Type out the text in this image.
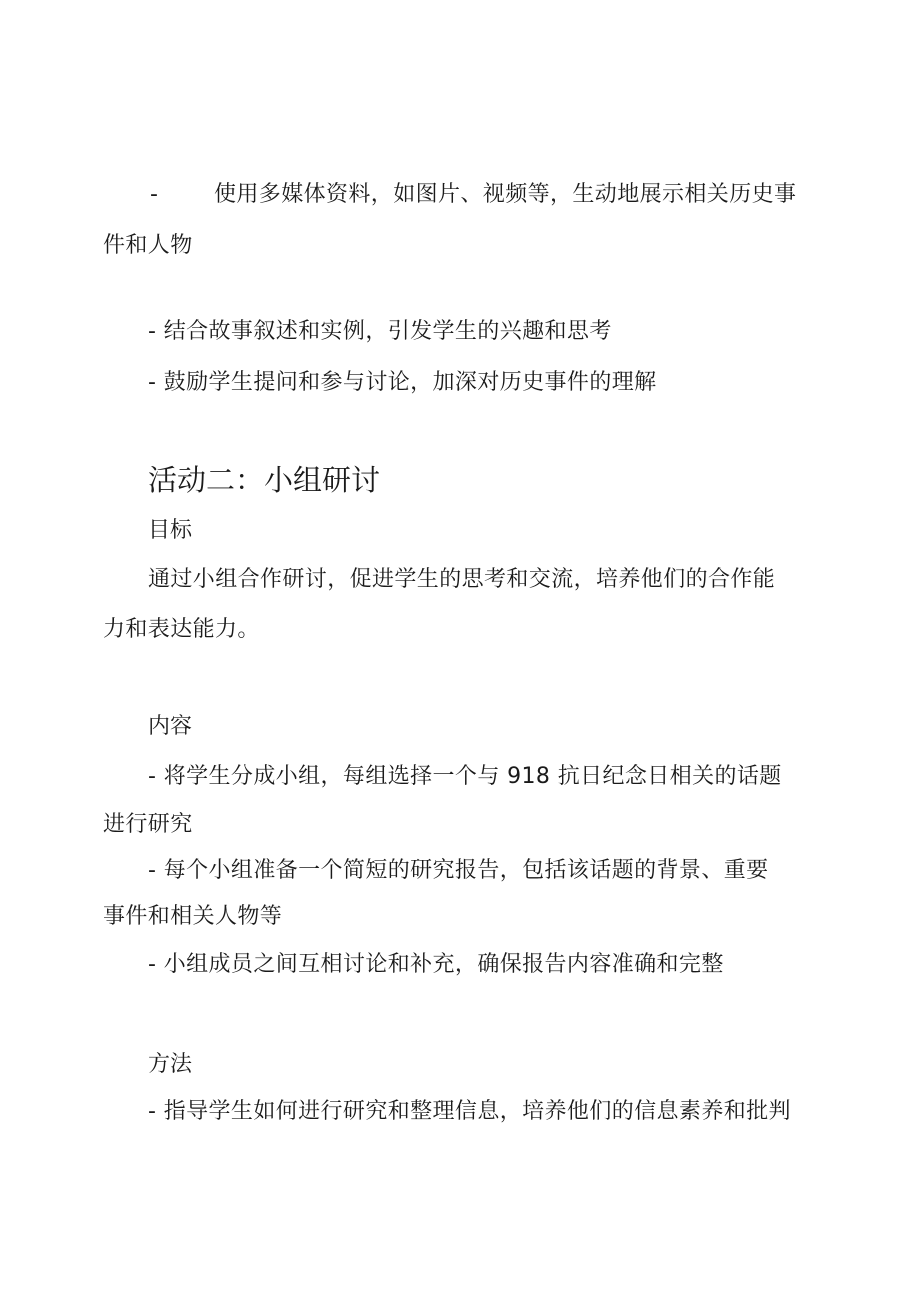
-	使用多媒体资料，如图片、视频等，生动地展示相关历史事
件和人物
- 结合故事叙述和实例，引发学生的兴趣和思考
- 鼓励学生提问和参与讨论，加深对历史事件的理解
活动二：小组研讨
目标
通过小组合作研讨，促进学生的思考和交流，培养他们的合作能
力和表达能力。
内容
- 将学生分成小组，每组选择一个与 918 抗日纪念日相关的话题
进行研究
- 每个小组准备一个简短的研究报告，包括该话题的背景、重要
事件和相关人物等
- 小组成员之间互相讨论和补充，确保报告内容准确和完整
方法
- 指导学生如何进行研究和整理信息，培养他们的信息素养和批判
